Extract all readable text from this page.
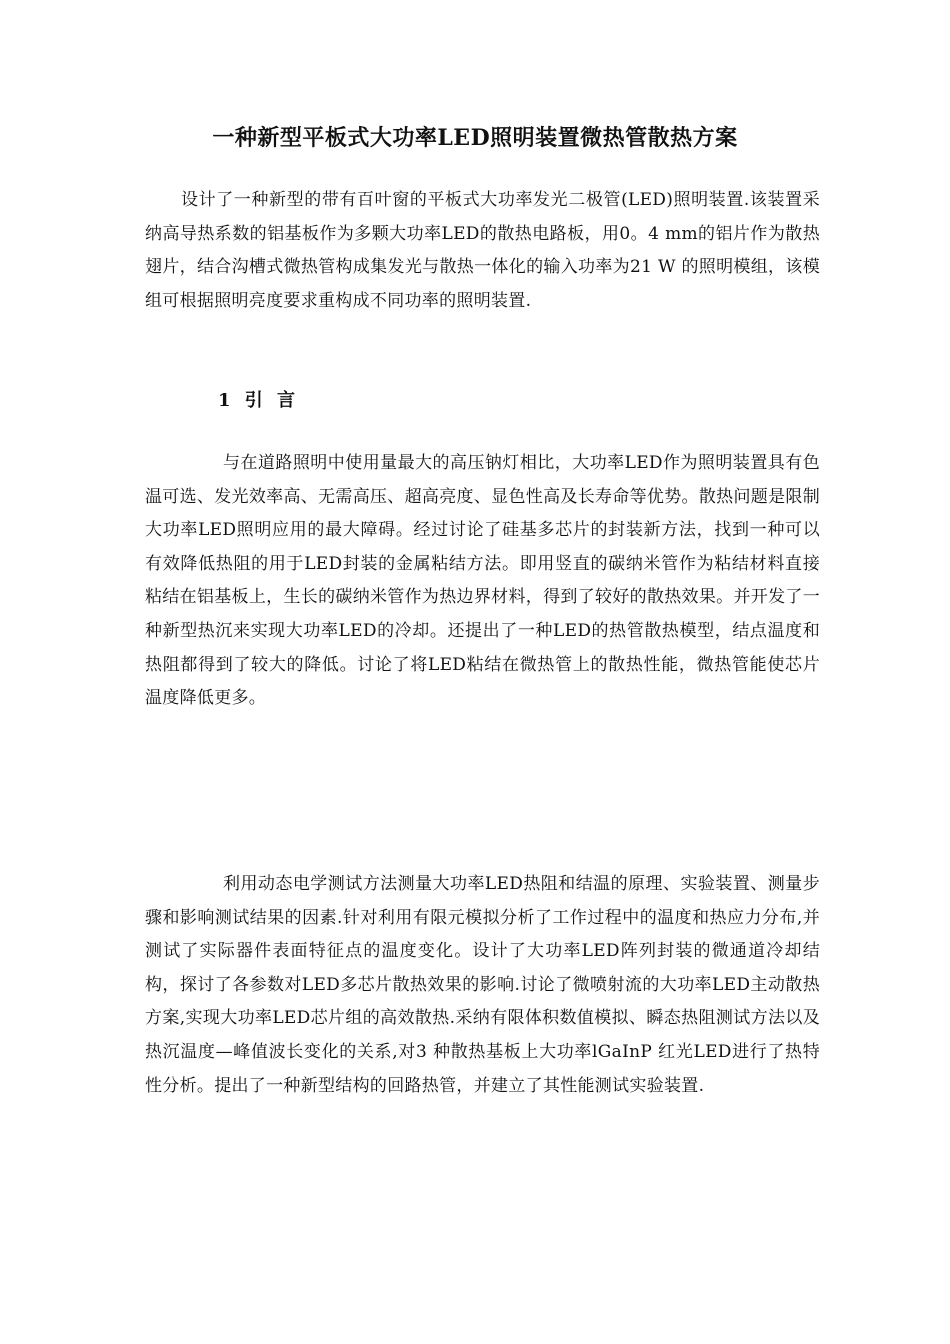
一种新型平板式大功率LED照明装置微热管散热方案

设计了一种新型的带有百叶窗的平板式大功率发光二极管(LED)照明装置.该装置采纳高导热系数的铝基板作为多颗大功率LED的散热电路板，用0。4 mm的铝片作为散热翅片，结合沟槽式微热管构成集发光与散热一体化的输入功率为21 W 的照明模组，该模组可根据照明亮度要求重构成不同功率的照明装置.

1 引 言

与在道路照明中使用量最大的高压钠灯相比，大功率LED作为照明装置具有色温可选、发光效率高、无需高压、超高亮度、显色性高及长寿命等优势。散热问题是限制大功率LED照明应用的最大障碍。经过讨论了硅基多芯片的封装新方法，找到一种可以有效降低热阻的用于LED封装的金属粘结方法。即用竖直的碳纳米管作为粘结材料直接粘结在铝基板上，生长的碳纳米管作为热边界材料，得到了较好的散热效果。并开发了一种新型热沉来实现大功率LED的冷却。还提出了一种LED的热管散热模型，结点温度和热阻都得到了较大的降低。讨论了将LED粘结在微热管上的散热性能，微热管能使芯片温度降低更多。

利用动态电学测试方法测量大功率LED热阻和结温的原理、实验装置、测量步骤和影响测试结果的因素.针对利用有限元模拟分析了工作过程中的温度和热应力分布,并测试了实际器件表面特征点的温度变化。设计了大功率LED阵列封装的微通道冷却结构，探讨了各参数对LED多芯片散热效果的影响.讨论了微喷射流的大功率LED主动散热方案,实现大功率LED芯片组的高效散热.采纳有限体积数值模拟、瞬态热阻测试方法以及热沉温度—峰值波长变化的关系,对3 种散热基板上大功率lGaInP 红光LED进行了热特性分析。提出了一种新型结构的回路热管，并建立了其性能测试实验装置.
